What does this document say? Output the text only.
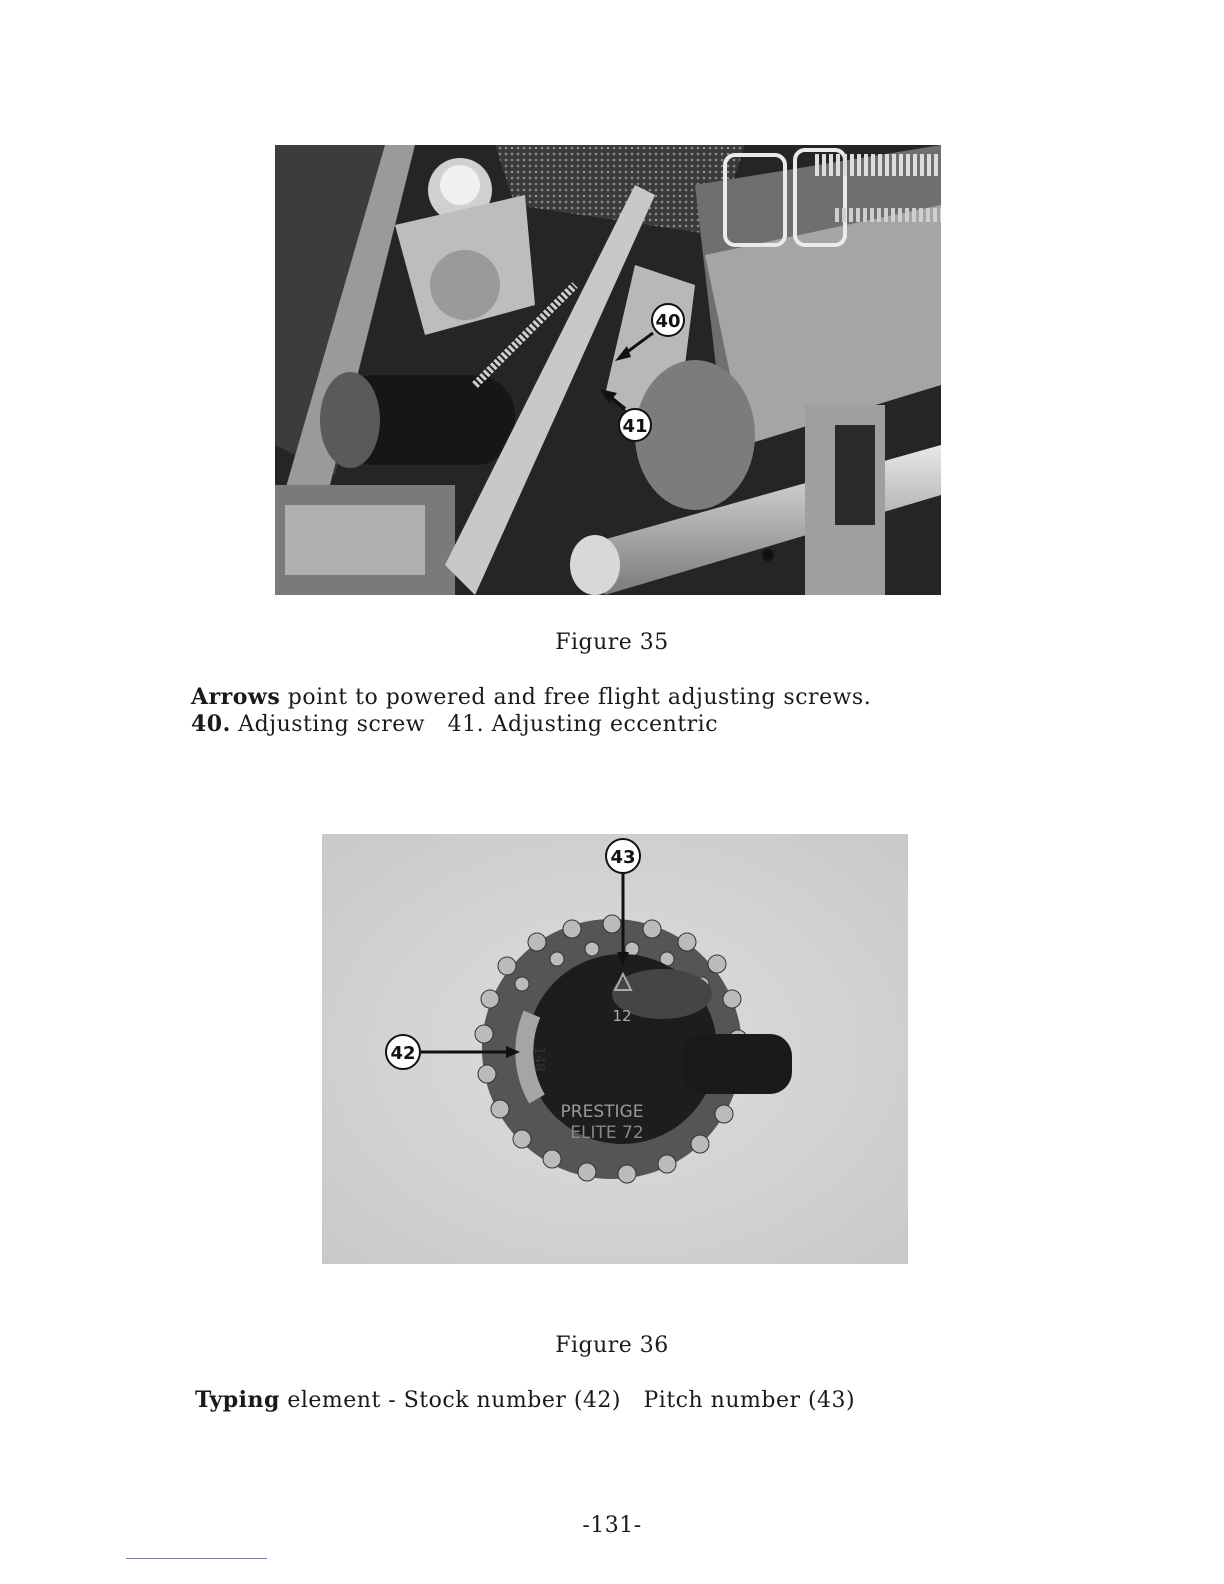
40
41
Figure 35
Arrows point to powered and free flight adjusting screws.
40. Adjusting screw 41. Adjusting eccentric
148
12
PRESTIGE
ELITE 72
43
42
Figure 36
Typing element - Stock number (42)   Pitch number (43)
-131-
